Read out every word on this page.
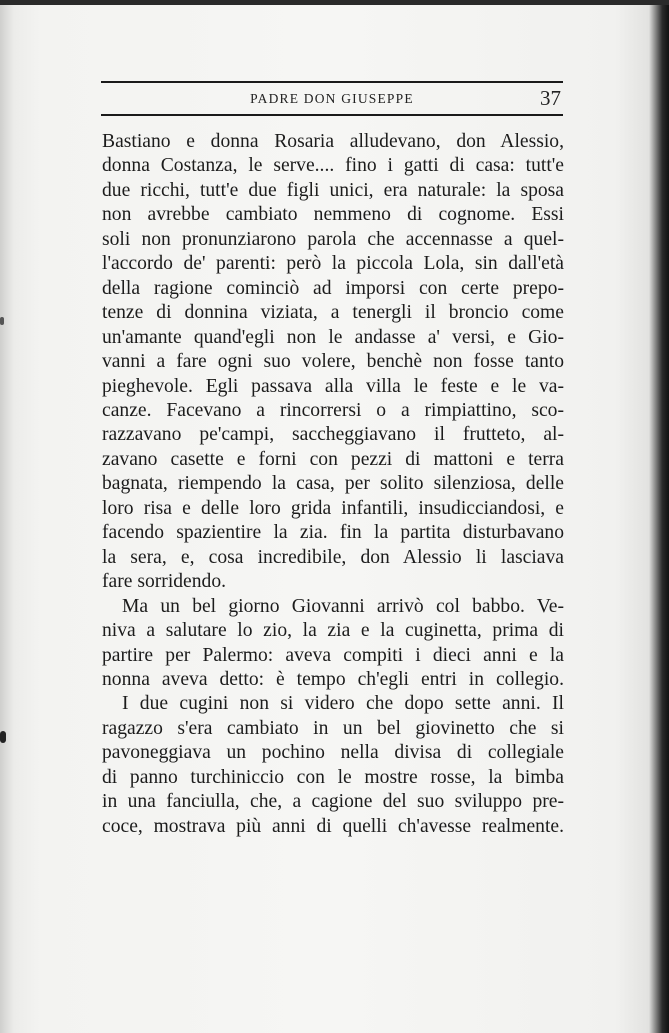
PADRE DON GIUSEPPE	37
Bastiano e donna Rosaria alludevano, don Alessio,
donna Costanza, le serve.... fino i gatti di casa: tutt'e
due ricchi, tutt'e due figli unici, era naturale: la sposa
non avrebbe cambiato nemmeno di cognome. Essi
soli non pronunziarono parola che accennasse a quel-
l'accordo de' parenti: però la piccola Lola, sin dall'età
della ragione cominciò ad imporsi con certe prepo-
tenze di donnina viziata, a tenergli il broncio come
un'amante quand'egli non le andasse a' versi, e Gio-
vanni a fare ogni suo volere, benchè non fosse tanto
pieghevole. Egli passava alla villa le feste e le va-
canze. Facevano a rincorrersi o a rimpiattino, sco-
razzavano pe'campi, saccheggiavano il frutteto, al-
zavano casette e forni con pezzi di mattoni e terra
bagnata, riempendo la casa, per solito silenziosa, delle
loro risa e delle loro grida infantili, insudicciandosi, e
facendo spazientire la zia. fin la partita disturbavano
la sera, e, cosa incredibile, don Alessio li lasciava
fare sorridendo.
Ma un bel giorno Giovanni arrivò col babbo. Ve-
niva a salutare lo zio, la zia e la cuginetta, prima di
partire per Palermo: aveva compiti i dieci anni e la
nonna aveva detto: è tempo ch'egli entri in collegio.
I due cugini non si videro che dopo sette anni. Il
ragazzo s'era cambiato in un bel giovinetto che si
pavoneggiava un pochino nella divisa di collegiale
di panno turchiniccio con le mostre rosse, la bimba
in una fanciulla, che, a cagione del suo sviluppo pre-
coce, mostrava più anni di quelli ch'avesse realmente.
